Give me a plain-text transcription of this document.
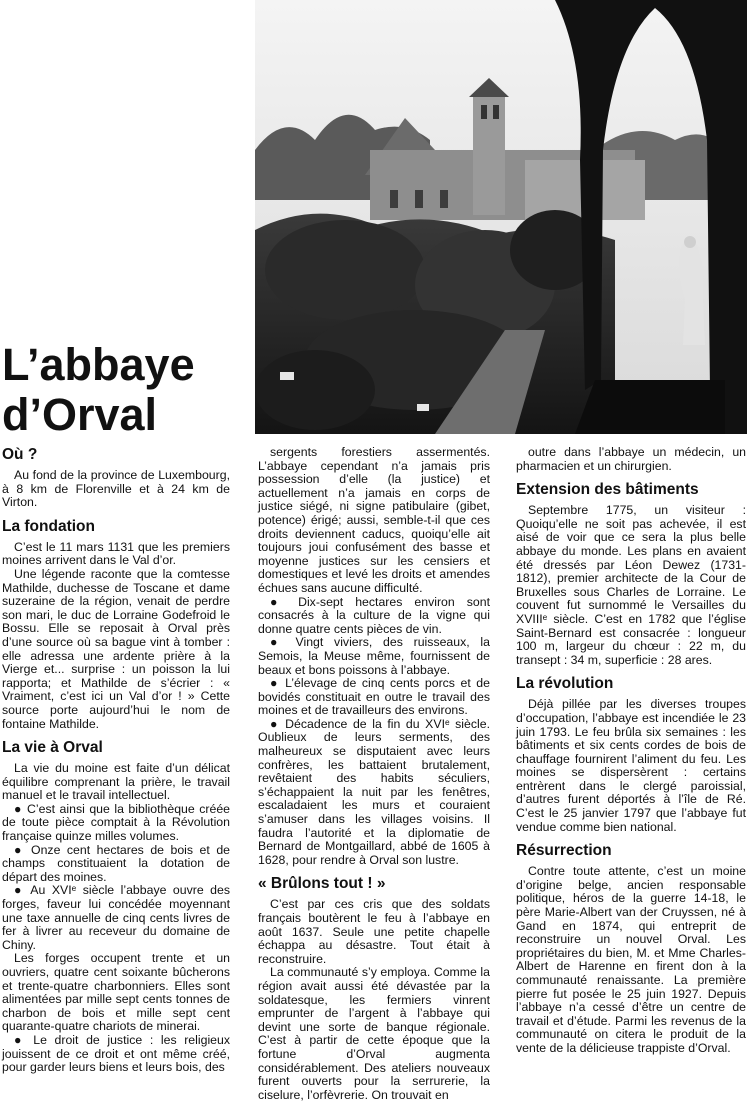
L’abbaye d’Orval
Où ?

Au fond de la province de Luxembourg, à 8 km de Florenville et à 24 km de Virton.

La fondation

C’est le 11 mars 1131 que les premiers moines arrivent dans le Val d’or.

Une légende raconte que la comtesse Mathilde, duchesse de Toscane et dame suzeraine de la région, venait de perdre son mari, le duc de Lorraine Godefroid le Bossu. Elle se reposait à Orval près d’une source où sa bague vint à tomber : elle adressa une ardente prière à la Vierge et... surprise : un poisson la lui rapporta; et Mathilde de s’écrier : « Vraiment, c’est ici un Val d’or ! » Cette source porte aujourd’hui le nom de fontaine Mathilde.

La vie à Orval

La vie du moine est faite d’un délicat équilibre comprenant la prière, le travail manuel et le travail intellectuel.

● C’est ainsi que la bibliothèque créée de toute pièce comptait à la Révolution française quinze milles volumes.

● Onze cent hectares de bois et de champs constituaient la dotation de départ des moines.

● Au XVIᵉ siècle l’abbaye ouvre des forges, faveur lui concédée moyennant une taxe annuelle de cinq cents livres de fer à livrer au receveur du domaine de Chiny.

Les forges occupent trente et un ouvriers, quatre cent soixante bûcherons et trente-quatre charbonniers. Elles sont alimentées par mille sept cents tonnes de charbon de bois et mille sept cent quarante-quatre chariots de minerai.

● Le droit de justice : les religieux jouissent de ce droit et ont même créé, pour garder leurs biens et leurs bois, des

sergents forestiers assermentés. L’abbaye cependant n’a jamais pris possession d’elle (la justice) et actuellement n’a jamais en corps de justice siégé, ni signe patibulaire (gibet, potence) érigé; aussi, semble-t-il que ces droits deviennent caducs, quoiqu’elle ait toujours joui confusément des basse et moyenne justices sur les censiers et domestiques et levé les droits et amendes échues sans aucune difficulté.

● Dix-sept hectares environ sont consacrés à la culture de la vigne qui donne quatre cents pièces de vin.

● Vingt viviers, des ruisseaux, la Semois, la Meuse même, fournissent de beaux et bons poissons à l’abbaye.

● L’élevage de cinq cents porcs et de bovidés constituait en outre le travail des moines et de travailleurs des environs.

● Décadence de la fin du XVIᵉ siècle. Oublieux de leurs serments, des malheureux se disputaient avec leurs confrères, les battaient brutalement, revêtaient des habits séculiers, s’échappaient la nuit par les fenêtres, escaladaient les murs et couraient s’amuser dans les villages voisins. Il faudra l’autorité et la diplomatie de Bernard de Montgaillard, abbé de 1605 à 1628, pour rendre à Orval son lustre.

« Brûlons tout ! »

C’est par ces cris que des soldats français boutèrent le feu à l’abbaye en août 1637. Seule une petite chapelle échappa au désastre. Tout était à reconstruire.

La communauté s’y employa. Comme la région avait aussi été dévastée par la soldatesque, les fermiers vinrent emprunter de l’argent à l’abbaye qui devint une sorte de banque régionale. C’est à partir de cette époque que la fortune d’Orval augmenta considérablement. Des ateliers nouveaux furent ouverts pour la serrurerie, la ciselure, l’orfèvrerie. On trouvait en

outre dans l’abbaye un médecin, un pharmacien et un chirurgien.

Extension des bâtiments

Septembre 1775, un visiteur : Quoiqu’elle ne soit pas achevée, il est aisé de voir que ce sera la plus belle abbaye du monde. Les plans en avaient été dressés par Léon Dewez (1731-1812), premier architecte de la Cour de Bruxelles sous Charles de Lorraine. Le couvent fut surnommé le Versailles du XVIIIᵉ siècle. C’est en 1782 que l’église Saint-Bernard est consacrée : longueur 100 m, largeur du chœur : 22 m, du transept : 34 m, superficie : 28 ares.

La révolution

Déjà pillée par les diverses troupes d’occupation, l’abbaye est incendiée le 23 juin 1793. Le feu brûla six semaines : les bâtiments et six cents cordes de bois de chauffage fournirent l’aliment du feu. Les moines se dispersèrent : certains entrèrent dans le clergé paroissial, d’autres furent déportés à l’île de Ré. C’est le 25 janvier 1797 que l’abbaye fut vendue comme bien national.

Résurrection

Contre toute attente, c’est un moine d’origine belge, ancien responsable politique, héros de la guerre 14-18, le père Marie-Albert van der Cruyssen, né à Gand en 1874, qui entreprit de reconstruire un nouvel Orval. Les propriétaires du bien, M. et Mme Charles-Albert de Harenne en firent don à la communauté renaissante. La première pierre fut posée le 25 juin 1927. Depuis l’abbaye n’a cessé d’être un centre de travail et d’étude. Parmi les revenus de la communauté on citera le produit de la vente de la délicieuse trappiste d’Orval.
